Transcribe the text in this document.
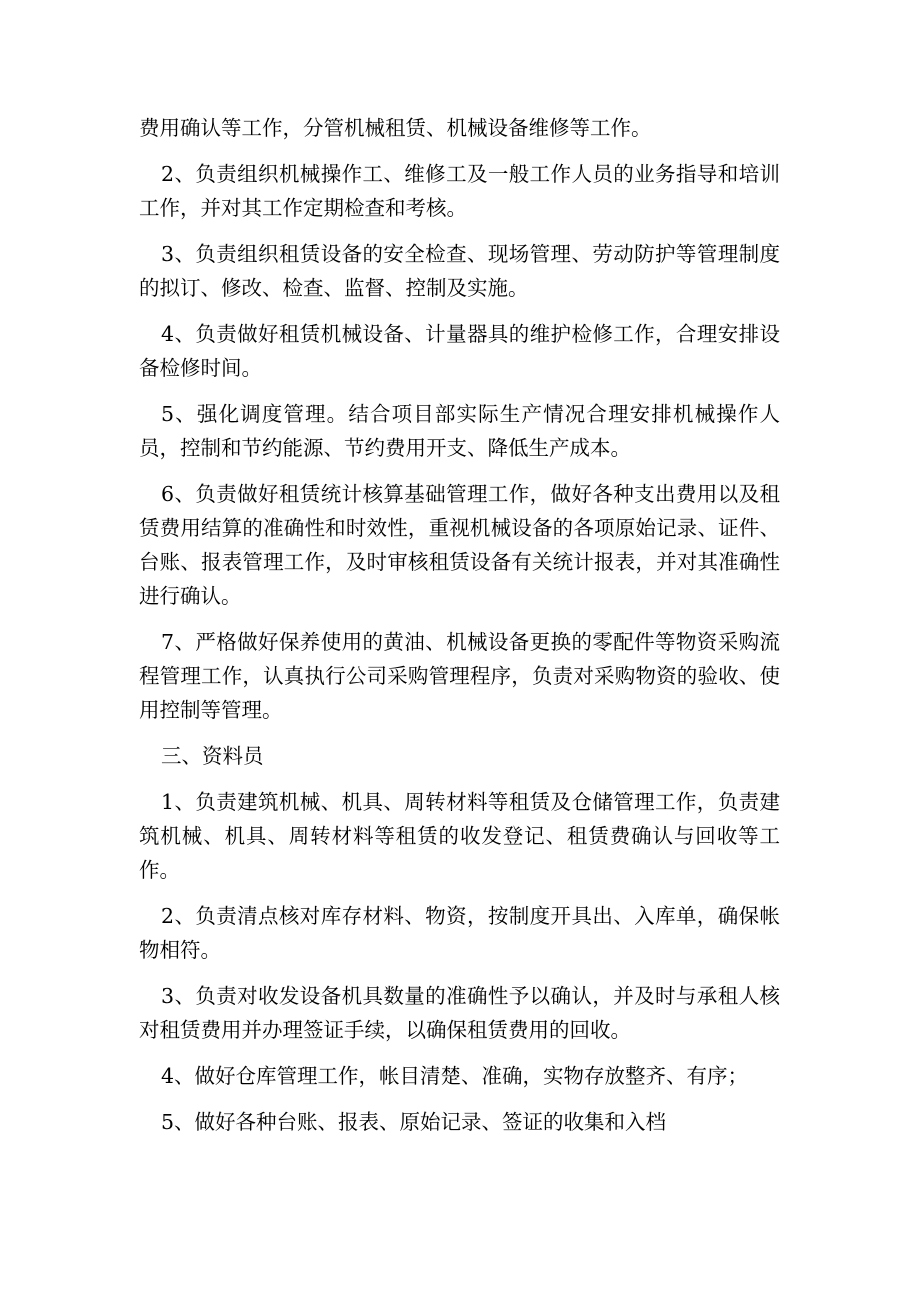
费用确认等工作，分管机械租赁、机械设备维修等工作。

2、负责组织机械操作工、维修工及一般工作人员的业务指导和培训工作，并对其工作定期检查和考核。

3、负责组织租赁设备的安全检查、现场管理、劳动防护等管理制度的拟订、修改、检查、监督、控制及实施。

4、负责做好租赁机械设备、计量器具的维护检修工作，合理安排设备检修时间。

5、强化调度管理。结合项目部实际生产情况合理安排机械操作人员，控制和节约能源、节约费用开支、降低生产成本。

6、负责做好租赁统计核算基础管理工作，做好各种支出费用以及租赁费用结算的准确性和时效性，重视机械设备的各项原始记录、证件、台账、报表管理工作，及时审核租赁设备有关统计报表，并对其准确性进行确认。

7、严格做好保养使用的黄油、机械设备更换的零配件等物资采购流程管理工作，认真执行公司采购管理程序，负责对采购物资的验收、使用控制等管理。

三、资料员

1、负责建筑机械、机具、周转材料等租赁及仓储管理工作，负责建筑机械、机具、周转材料等租赁的收发登记、租赁费确认与回收等工作。

2、负责清点核对库存材料、物资，按制度开具出、入库单，确保帐物相符。

3、负责对收发设备机具数量的准确性予以确认，并及时与承租人核对租赁费用并办理签证手续，以确保租赁费用的回收。

4、做好仓库管理工作，帐目清楚、准确，实物存放整齐、有序；

5、做好各种台账、报表、原始记录、签证的收集和入档
